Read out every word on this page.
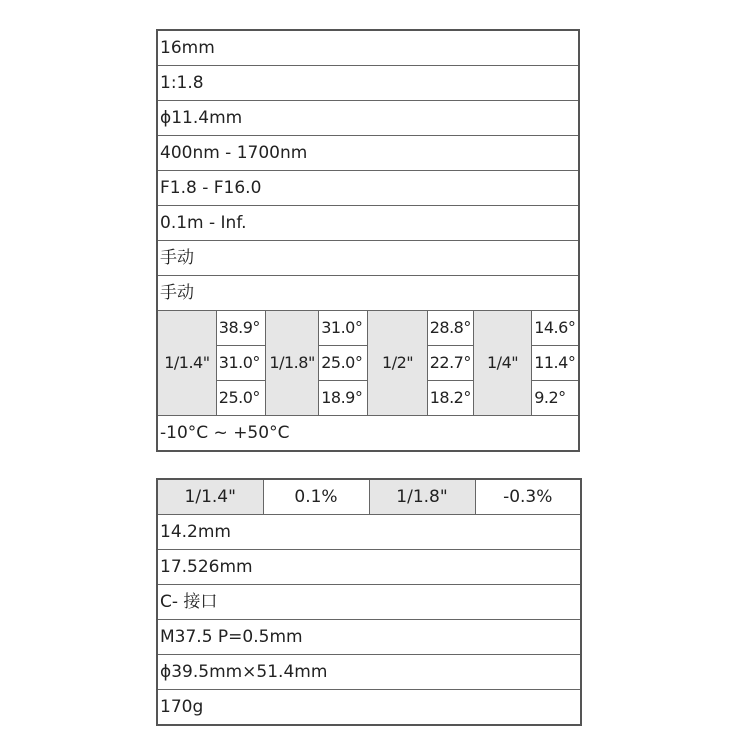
16mm							
1:1.8							
ϕ11.4mm							
400nm - 1700nm							
F1.8 - F16.0							
0.1m - Inf.							
手动							
手动							
1/1.4"	38.9°	1/1.8"	31.0°	1/2"	28.8°	1/4"	14.6°
	31.0°		25.0°		22.7°		11.4°
	25.0°		18.9°		18.2°		9.2°
-10°C ~ +50°C							
1/1.4"	0.1%	1/1.8"	-0.3%
14.2mm
17.526mm
C- 接口
M37.5 P=0.5mm
ϕ39.5mm×51.4mm
170g
